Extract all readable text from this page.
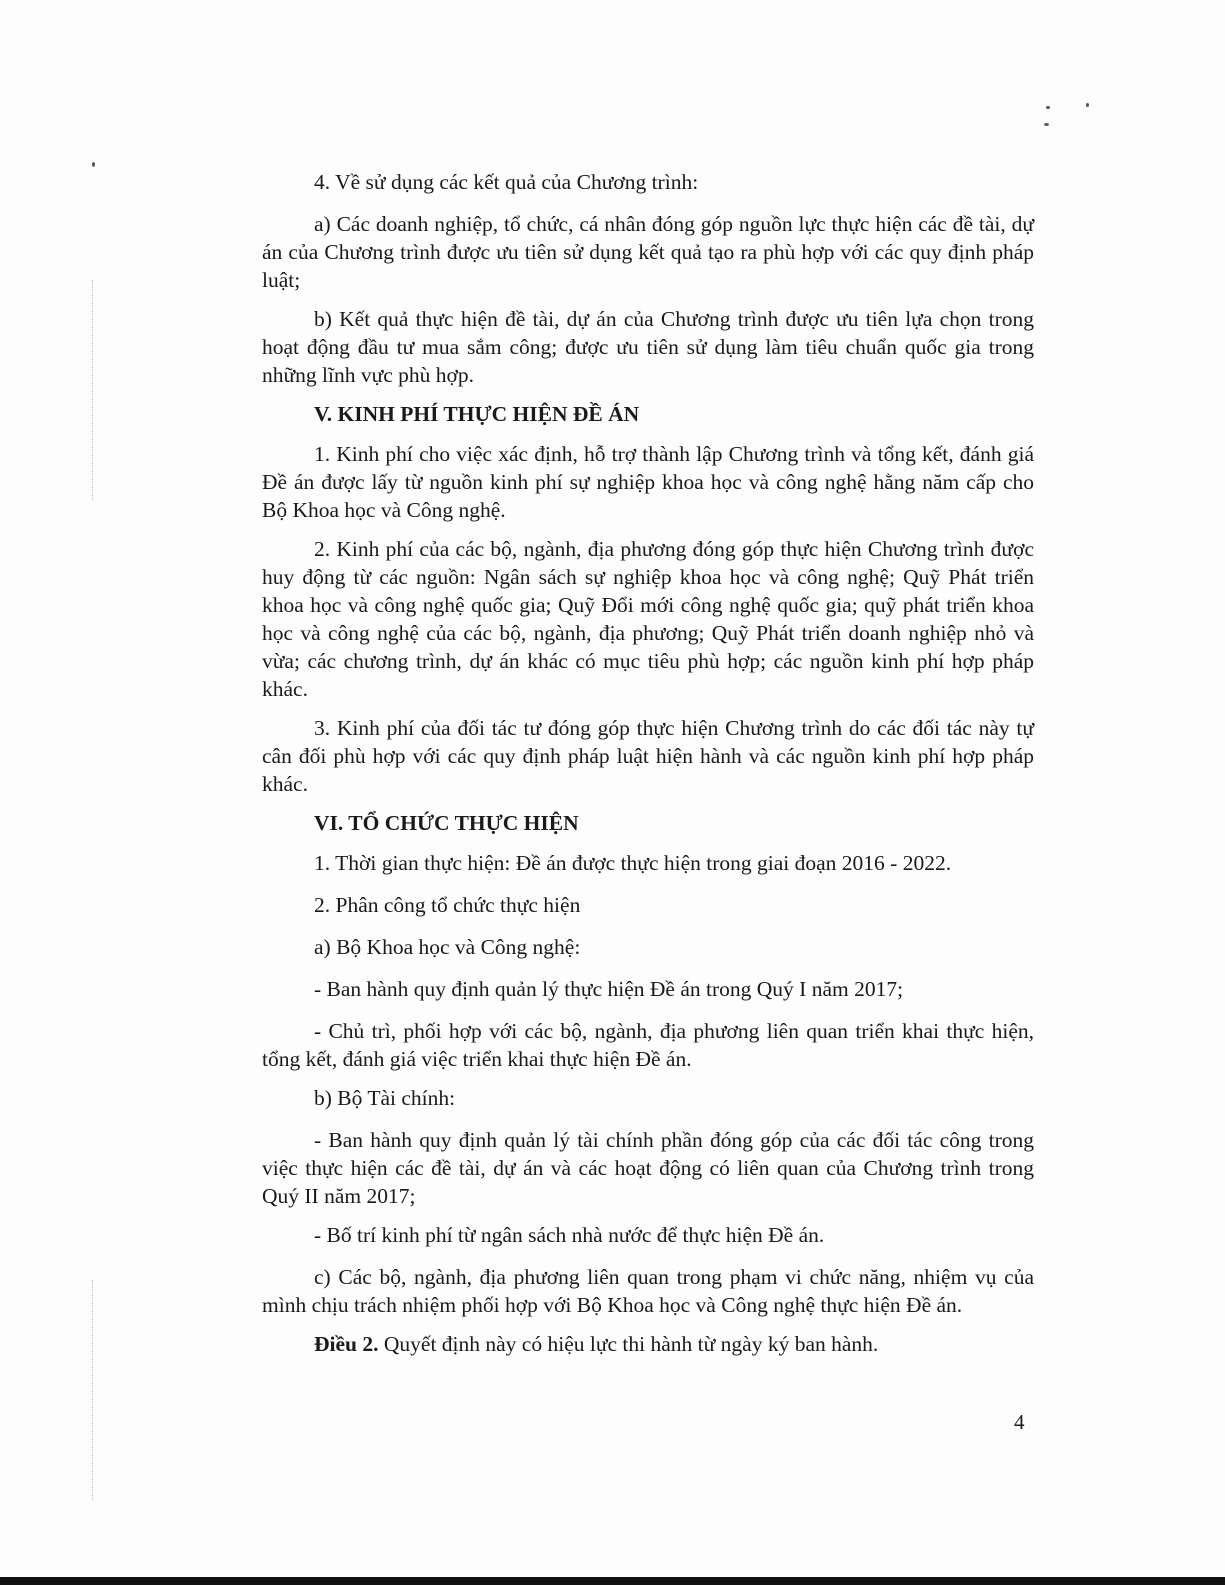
4. Về sử dụng các kết quả của Chương trình:

a) Các doanh nghiệp, tổ chức, cá nhân đóng góp nguồn lực thực hiện các đề tài, dự án của Chương trình được ưu tiên sử dụng kết quả tạo ra phù hợp với các quy định pháp luật;

b) Kết quả thực hiện đề tài, dự án của Chương trình được ưu tiên lựa chọn trong hoạt động đầu tư mua sắm công; được ưu tiên sử dụng làm tiêu chuẩn quốc gia trong những lĩnh vực phù hợp.

V. KINH PHÍ THỰC HIỆN ĐỀ ÁN

1. Kinh phí cho việc xác định, hỗ trợ thành lập Chương trình và tổng kết, đánh giá Đề án được lấy từ nguồn kinh phí sự nghiệp khoa học và công nghệ hằng năm cấp cho Bộ Khoa học và Công nghệ.

2. Kinh phí của các bộ, ngành, địa phương đóng góp thực hiện Chương trình được huy động từ các nguồn: Ngân sách sự nghiệp khoa học và công nghệ; Quỹ Phát triển khoa học và công nghệ quốc gia; Quỹ Đổi mới công nghệ quốc gia; quỹ phát triển khoa học và công nghệ của các bộ, ngành, địa phương; Quỹ Phát triển doanh nghiệp nhỏ và vừa; các chương trình, dự án khác có mục tiêu phù hợp; các nguồn kinh phí hợp pháp khác.

3. Kinh phí của đối tác tư đóng góp thực hiện Chương trình do các đối tác này tự cân đối phù hợp với các quy định pháp luật hiện hành và các nguồn kinh phí hợp pháp khác.

VI. TỔ CHỨC THỰC HIỆN

1. Thời gian thực hiện: Đề án được thực hiện trong giai đoạn 2016 - 2022.

2. Phân công tổ chức thực hiện

a) Bộ Khoa học và Công nghệ:

- Ban hành quy định quản lý thực hiện Đề án trong Quý I năm 2017;

- Chủ trì, phối hợp với các bộ, ngành, địa phương liên quan triển khai thực hiện, tổng kết, đánh giá việc triển khai thực hiện Đề án.

b) Bộ Tài chính:

- Ban hành quy định quản lý tài chính phần đóng góp của các đối tác công trong việc thực hiện các đề tài, dự án và các hoạt động có liên quan của Chương trình trong Quý II năm 2017;

- Bố trí kinh phí từ ngân sách nhà nước để thực hiện Đề án.

c) Các bộ, ngành, địa phương liên quan trong phạm vi chức năng, nhiệm vụ của mình chịu trách nhiệm phối hợp với Bộ Khoa học và Công nghệ thực hiện Đề án.

Điều 2. Quyết định này có hiệu lực thi hành từ ngày ký ban hành.

4
